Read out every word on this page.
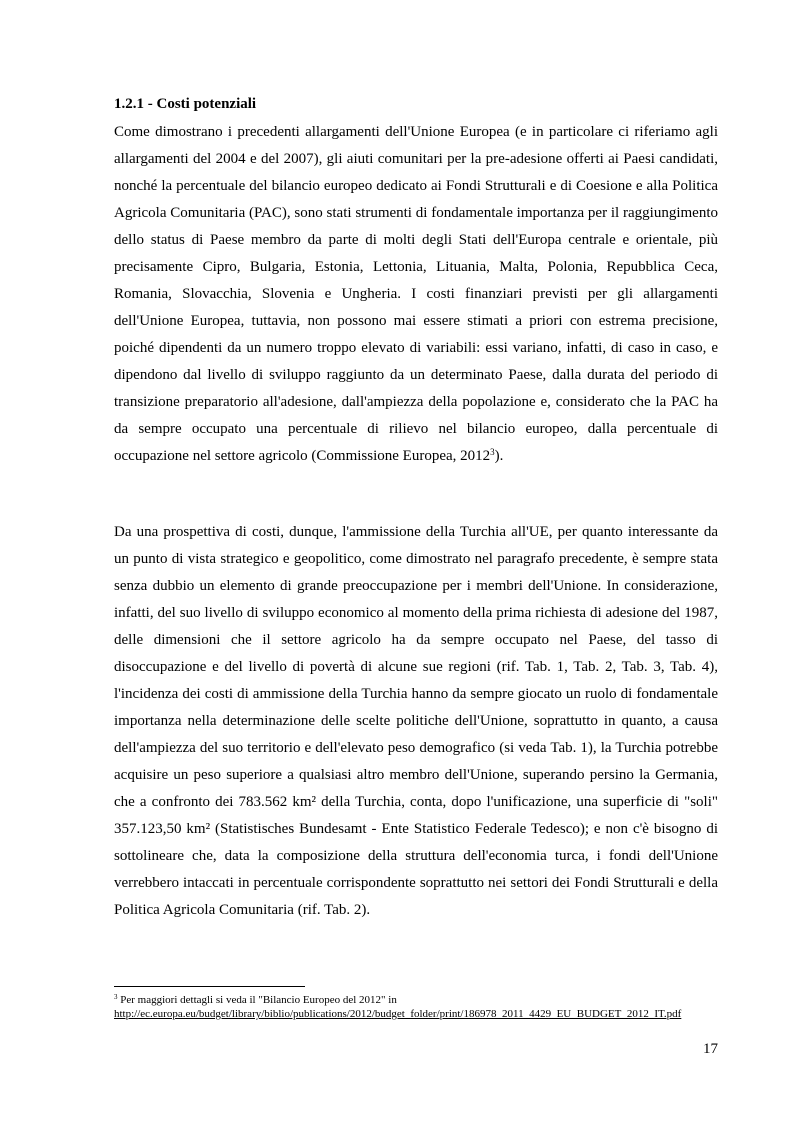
1.2.1 - Costi potenziali

Come dimostrano i precedenti allargamenti dell'Unione Europea (e in particolare ci riferiamo agli allargamenti del 2004 e del 2007), gli aiuti comunitari per la pre-adesione offerti ai Paesi candidati, nonché la percentuale del bilancio europeo dedicato ai Fondi Strutturali e di Coesione e alla Politica Agricola Comunitaria (PAC), sono stati strumenti di fondamentale importanza per il raggiungimento dello status di Paese membro da parte di molti degli Stati dell'Europa centrale e orientale, più precisamente Cipro, Bulgaria, Estonia, Lettonia, Lituania, Malta, Polonia, Repubblica Ceca, Romania, Slovacchia, Slovenia e Ungheria. I costi finanziari previsti per gli allargamenti dell'Unione Europea, tuttavia, non possono mai essere stimati a priori con estrema precisione, poiché dipendenti da un numero troppo elevato di variabili: essi variano, infatti, di caso in caso, e dipendono dal livello di sviluppo raggiunto da un determinato Paese, dalla durata del periodo di transizione preparatorio all'adesione, dall'ampiezza della popolazione e, considerato che la PAC ha da sempre occupato una percentuale di rilievo nel bilancio europeo, dalla percentuale di occupazione nel settore agricolo (Commissione Europea, 2012$^3$).

Da una prospettiva di costi, dunque, l'ammissione della Turchia all'UE, per quanto interessante da un punto di vista strategico e geopolitico, come dimostrato nel paragrafo precedente, è sempre stata senza dubbio un elemento di grande preoccupazione per i membri dell'Unione. In considerazione, infatti, del suo livello di sviluppo economico al momento della prima richiesta di adesione del 1987, delle dimensioni che il settore agricolo ha da sempre occupato nel Paese, del tasso di disoccupazione e del livello di povertà di alcune sue regioni (rif. Tab. 1, Tab. 2, Tab. 3, Tab. 4), l'incidenza dei costi di ammissione della Turchia hanno da sempre giocato un ruolo di fondamentale importanza nella determinazione delle scelte politiche dell'Unione, soprattutto in quanto, a causa dell'ampiezza del suo territorio e dell'elevato peso demografico (si veda Tab. 1), la Turchia potrebbe acquisire un peso superiore a qualsiasi altro membro dell'Unione, superando persino la Germania, che a confronto dei 783.562 km² della Turchia, conta, dopo l'unificazione, una superficie di "soli" 357.123,50 km² (Statistisches Bundesamt - Ente Statistico Federale Tedesco); e non c'è bisogno di sottolineare che, data la composizione della struttura dell'economia turca, i fondi dell'Unione verrebbero intaccati in percentuale corrispondente soprattutto nei settori dei Fondi Strutturali e della Politica Agricola Comunitaria (rif. Tab. 2).

$^3$ Per maggiori dettagli si veda il "Bilancio Europeo del 2012" in
http://ec.europa.eu/budget/library/biblio/publications/2012/budget_folder/print/186978_2011_4429_EU_BUDGET_2012_IT.pdf
17
